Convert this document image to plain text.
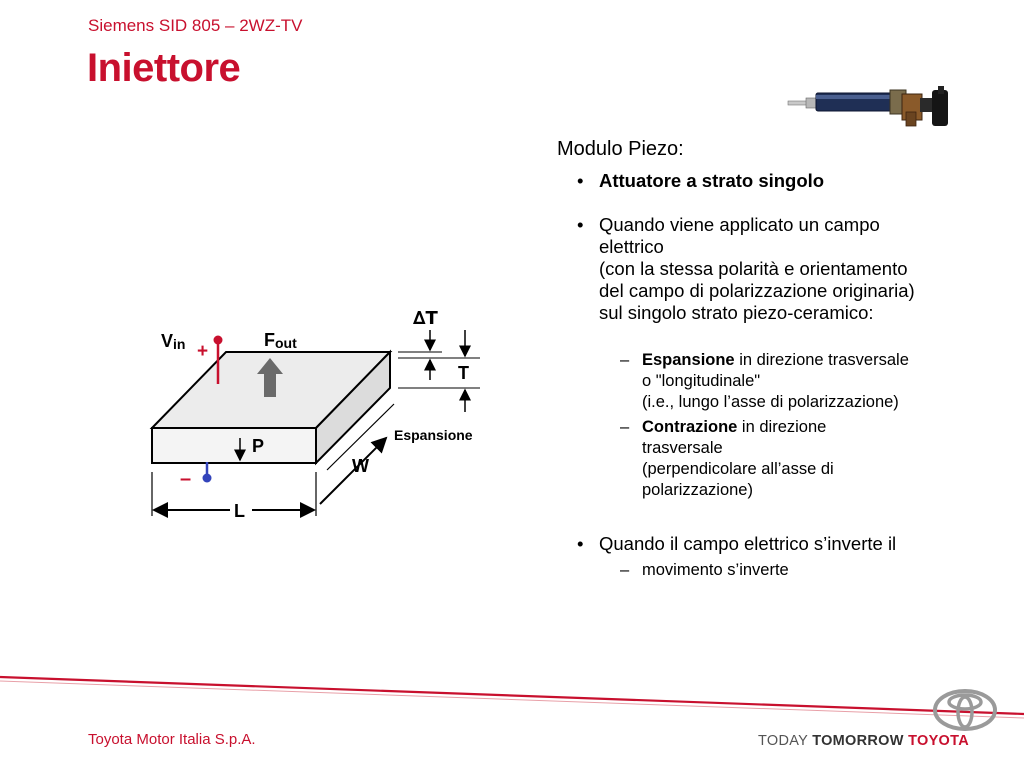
Siemens SID 805 – 2WZ-TV
Iniettore
Vin +
–
Fout
P
∆T
T
Espansione
W
L
Modulo Piezo:
• Attuatore a strato singolo
• Quando viene applicato un campo
elettrico
(con la stessa polarità e orientamento
del campo di polarizzazione originaria)
sul singolo strato piezo-ceramico:
– Espansione in direzione trasversale
o "longitudinale"
(i.e., lungo l’asse di polarizzazione)
– Contrazione in direzione
trasversale
(perpendicolare all’asse di
polarizzazione)
• Quando il campo elettrico s’inverte il
– movimento s’inverte
Toyota Motor Italia S.p.A.	TODAY TOMORROW TOYOTA
